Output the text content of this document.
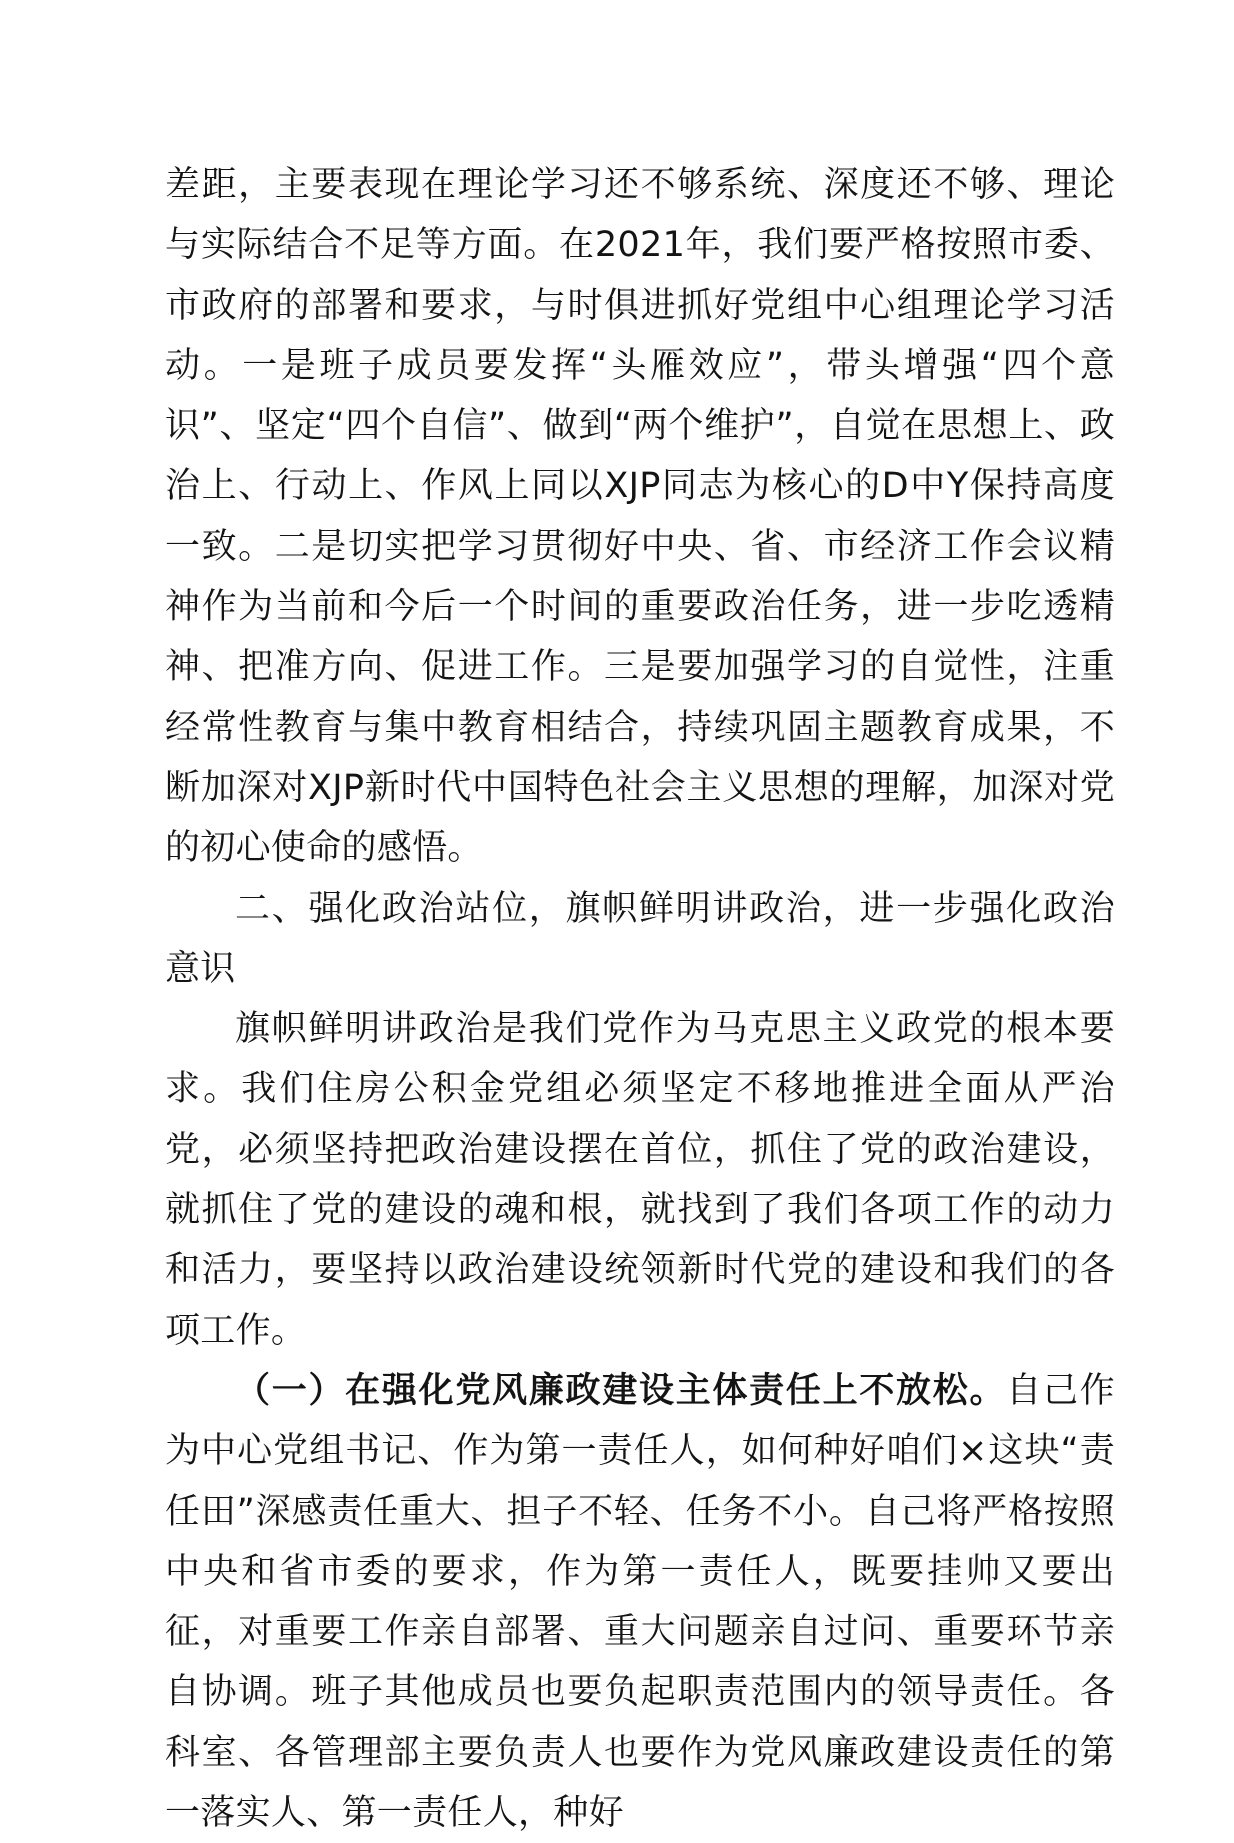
差距，主要表现在理论学习还不够系统、深度还不够、理论与实际结合不足等方面。在2021年，我们要严格按照市委、市政府的部署和要求，与时俱进抓好党组中心组理论学习活动。一是班子成员要发挥“头雁效应”，带头增强“四个意识”、坚定“四个自信”、做到“两个维护”，自觉在思想上、政治上、行动上、作风上同以XJP同志为核心的D中Y保持高度一致。二是切实把学习贯彻好中央、省、市经济工作会议精神作为当前和今后一个时间的重要政治任务，进一步吃透精神、把准方向、促进工作。三是要加强学习的自觉性，注重经常性教育与集中教育相结合，持续巩固主题教育成果，不断加深对XJP新时代中国特色社会主义思想的理解，加深对党的初心使命的感悟。

二、强化政治站位，旗帜鲜明讲政治，进一步强化政治意识

旗帜鲜明讲政治是我们党作为马克思主义政党的根本要求。我们住房公积金党组必须坚定不移地推进全面从严治党，必须坚持把政治建设摆在首位，抓住了党的政治建设，就抓住了党的建设的魂和根，就找到了我们各项工作的动力和活力，要坚持以政治建设统领新时代党的建设和我们的各项工作。

（一）在强化党风廉政建设主体责任上不放松。自己作为中心党组书记、作为第一责任人，如何种好咱们×这块“责任田”深感责任重大、担子不轻、任务不小。自己将严格按照中央和省市委的要求，作为第一责任人，既要挂帅又要出征，对重要工作亲自部署、重大问题亲自过问、重要环节亲自协调。班子其他成员也要负起职责范围内的领导责任。各科室、各管理部主要负责人也要作为党风廉政建设责任的第一落实人、第一责任人，种好
